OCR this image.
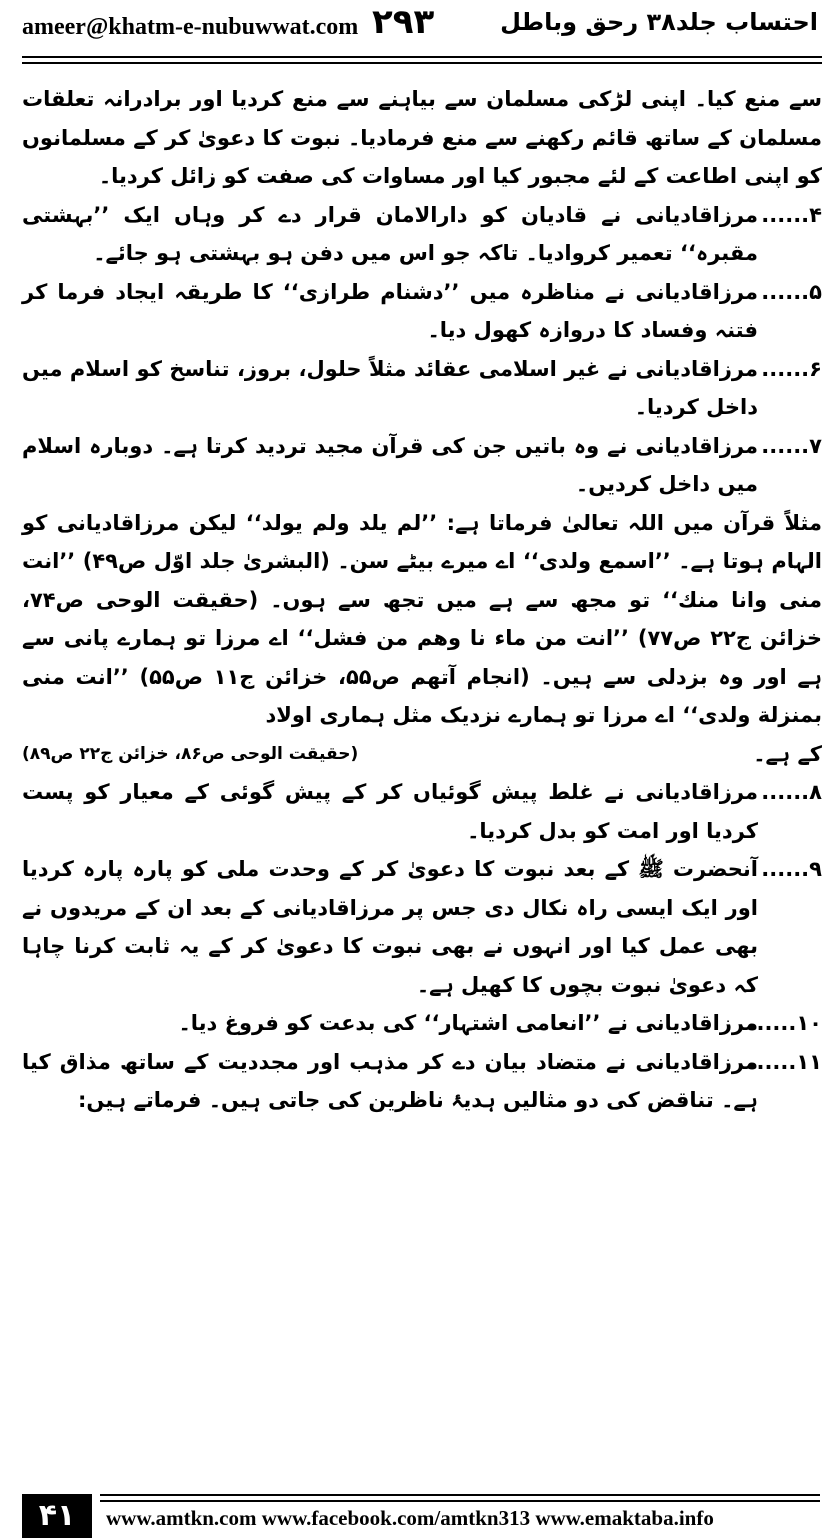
ameer@khatm-e-nubuwwat.com ۲۹۳	احتساب جلد۳۸ رحق وباطل

سے منع کیا۔ اپنی لڑکی مسلمان سے بیاہنے سے منع کردیا اور برادرانہ تعلقات مسلمان کے ساتھ قائم رکھنے سے منع فرمادیا۔ نبوت کا دعویٰ کر کے مسلمانوں کو اپنی اطاعت کے لئے مجبور کیا اور مساوات کی صفت کو زائل کردیا۔

۴......
مرزاقادیانی نے قادیان کو دارالامان قرار دے کر وہاں ایک ’’بہشتی مقبرہ‘‘ تعمیر کروادیا۔ تاکہ جو اس میں دفن ہو بہشتی ہو جائے۔
۵......
مرزاقادیانی نے مناظرہ میں ’’دشنام طرازی‘‘ کا طریقہ ایجاد فرما کر فتنہ وفساد کا دروازہ کھول دیا۔
۶......
مرزاقادیانی نے غیر اسلامی عقائد مثلاً حلول، بروز، تناسخ کو اسلام میں داخل کردیا۔
۷......
مرزاقادیانی نے وہ باتیں جن کی قرآن مجید تردید کرتا ہے۔ دوبارہ اسلام میں داخل کردیں۔

مثلاً قرآن میں اللہ تعالیٰ فرماتا ہے: ’’لم یلد ولم یولد‘‘ لیکن مرزاقادیانی کو الہام ہوتا ہے۔ ’’اسمع ولدی‘‘ اے میرے بیٹے سن۔ (البشریٰ جلد اوّل ص۴۹) ’’انت منی وانا منك‘‘ تو مجھ سے ہے میں تجھ سے ہوں۔ (حقیقت الوحی ص۷۴، خزائن ج۲۲ ص۷۷) ’’انت من ماء نا وهم من فشل‘‘ اے مرزا تو ہمارے پانی سے ہے اور وہ بزدلی سے ہیں۔ (انجام آتھم ص۵۵، خزائن ج۱۱ ص۵۵) ’’انت منی بمنزلة ولدی‘‘ اے مرزا تو ہمارے نزدیک مثل ہماری اولاد

کے ہے۔
(حقیقت الوحی ص۸۶، خزائن ج۲۲ ص۸۹)
۸......
مرزاقادیانی نے غلط پیش گوئیاں کر کے پیش گوئی کے معیار کو پست کردیا اور امت کو بدل کردیا۔
۹......
آنحضرت ﷺ کے بعد نبوت کا دعویٰ کر کے وحدت ملی کو پارہ پارہ کردیا اور ایک ایسی راہ نکال دی جس پر مرزاقادیانی کے بعد ان کے مریدوں نے بھی عمل کیا اور انہوں نے بھی نبوت کا دعویٰ کر کے یہ ثابت کرنا چاہا کہ دعویٰ نبوت بچوں کا کھیل ہے۔
۱۰......
مرزاقادیانی نے ’’انعامی اشتہار‘‘ کی بدعت کو فروغ دیا۔
۱۱......
مرزاقادیانی نے متضاد بیان دے کر مذہب اور مجددیت کے ساتھ مذاق کیا ہے۔ تناقض کی دو مثالیں ہدیۂ ناظرین کی جاتی ہیں۔ فرماتے ہیں:
۴۱	www.amtkn.com www.facebook.com/amtkn313 www.emaktaba.info
